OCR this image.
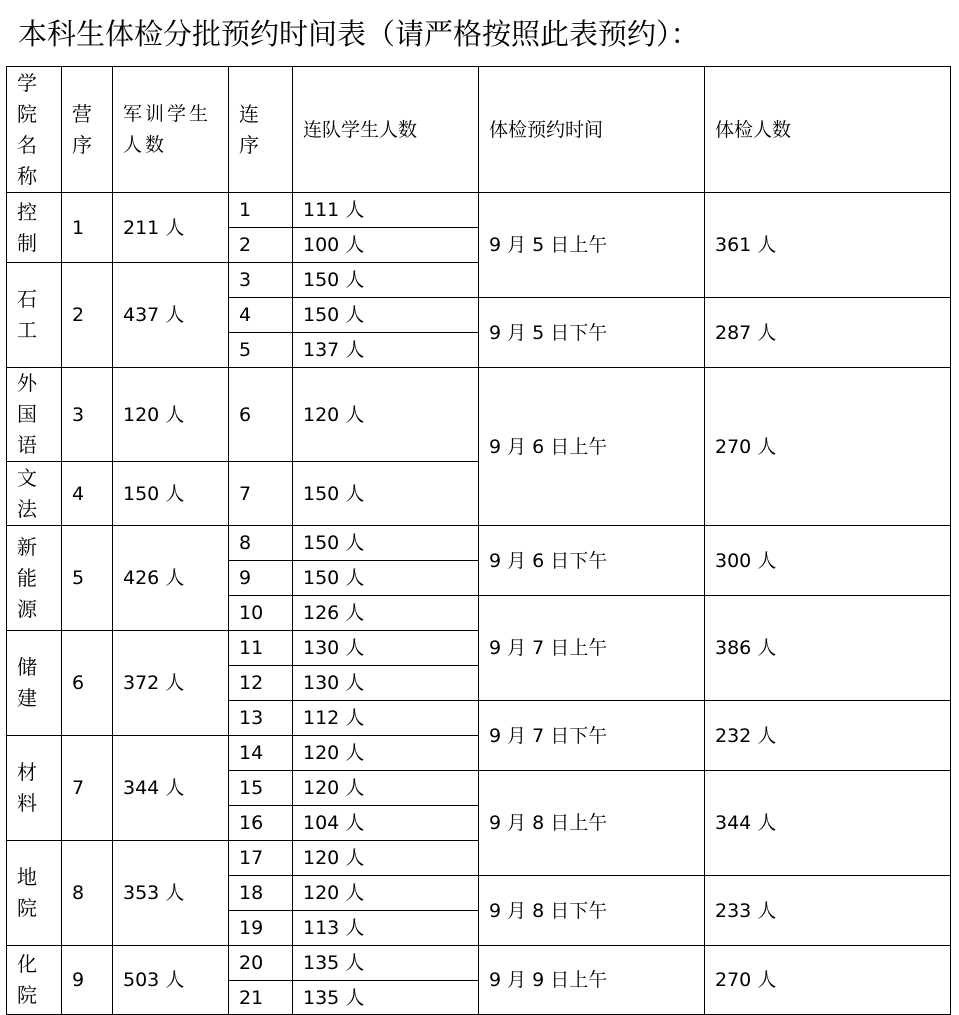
本科生体检分批预约时间表（请严格按照此表预约）：
学院名称	营序	军训学生人数	连序	连队学生人数	体检预约时间	体检人数

控制	1	211 人	1	111 人	9 月 5 日上午	361 人
			2	100 人		

石工	2	437 人	3	150 人		
			4	150 人	9 月 5 日下午	287 人
			5	137 人		

外国语	3	120 人	6	120 人	9 月 6 日上午	270 人

文法	4	150 人	7	150 人		

新能源	5	426 人	8	150 人	9 月 6 日下午	300 人
			9	150 人		
			10	126 人	9 月 7 日上午	386 人

储建	6	372 人	11	130 人		
			12	130 人		
			13	112 人	9 月 7 日下午	232 人

材料	7	344 人	14	120 人		
			15	120 人	9 月 8 日上午	344 人
			16	104 人		

地院	8	353 人	17	120 人		
			18	120 人	9 月 8 日下午	233 人
			19	113 人		

化院	9	503 人	20	135 人	9 月 9 日上午	270 人
			21	135 人		
